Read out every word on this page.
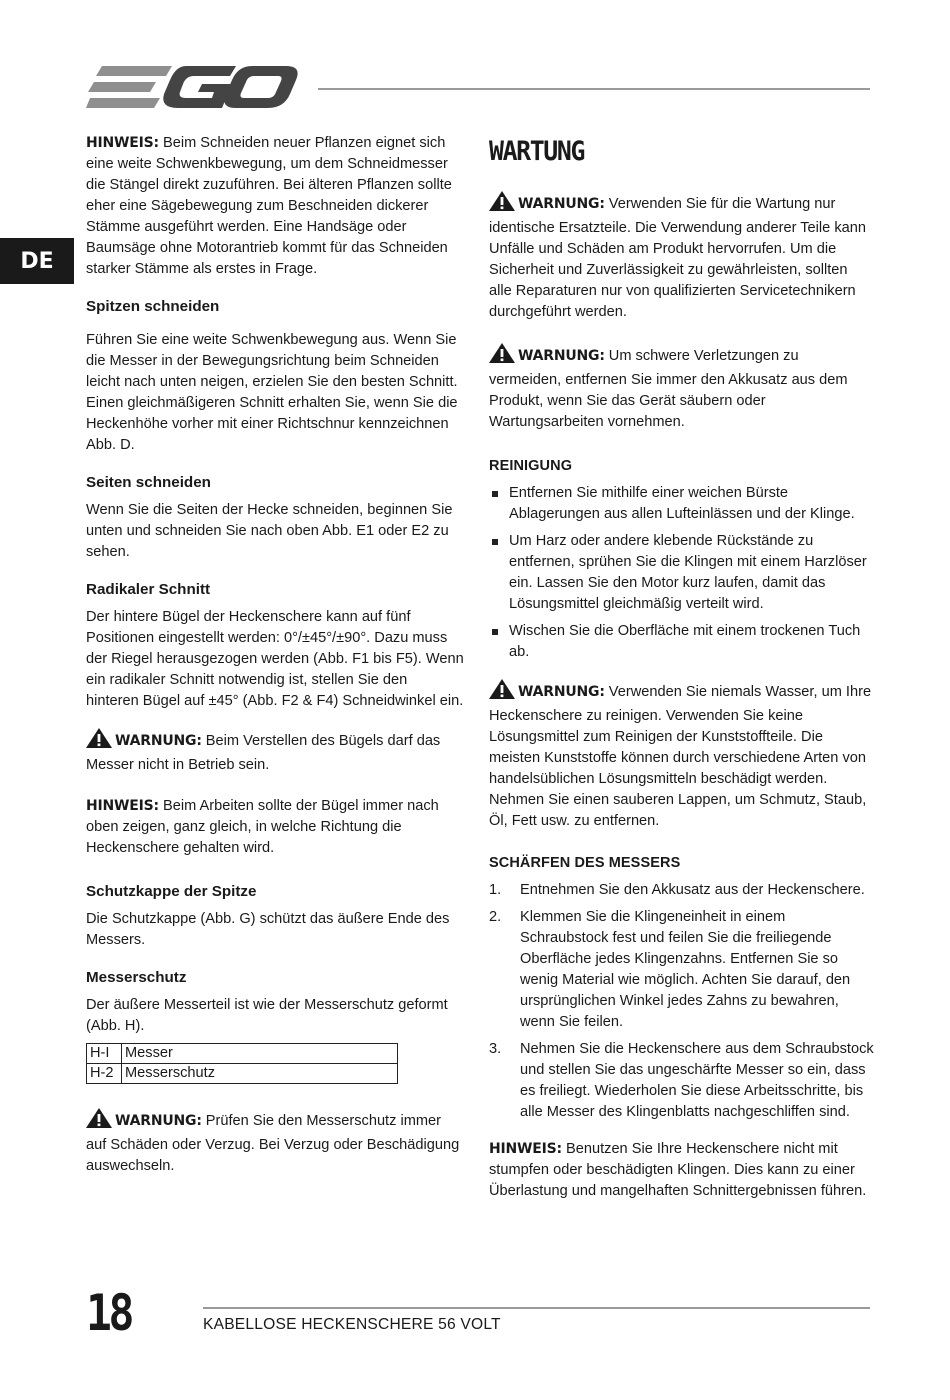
DE

HINWEIS: Beim Schneiden neuer Pflanzen eignet sich eine weite Schwenkbewegung, um dem Schneidmesser die Stängel direkt zuzuführen. Bei älteren Pflanzen sollte eher eine Sägebewegung zum Beschneiden dickerer Stämme ausgeführt werden. Eine Handsäge oder Baumsäge ohne Motorantrieb kommt für das Schneiden starker Stämme als erstes in Frage.

Spitzen schneiden

Führen Sie eine weite Schwenkbewegung aus. Wenn Sie die Messer in der Bewegungsrichtung beim Schneiden leicht nach unten neigen, erzielen Sie den besten Schnitt. Einen gleichmäßigeren Schnitt erhalten Sie, wenn Sie die Heckenhöhe vorher mit einer Richtschnur kennzeichnen Abb. D.

Seiten schneiden

Wenn Sie die Seiten der Hecke schneiden, beginnen Sie unten und schneiden Sie nach oben Abb. E1 oder E2 zu sehen.

Radikaler Schnitt

Der hintere Bügel der Heckenschere kann auf fünf Positionen eingestellt werden: 0°/±45°/±90°. Dazu muss der Riegel herausgezogen werden (Abb. F1 bis F5). Wenn ein radikaler Schnitt notwendig ist, stellen Sie den hinteren Bügel auf ±45° (Abb. F2 & F4) Schneidwinkel ein.

WARNUNG: Beim Verstellen des Bügels darf das Messer nicht in Betrieb sein.

HINWEIS: Beim Arbeiten sollte der Bügel immer nach oben zeigen, ganz gleich, in welche Richtung die Heckenschere gehalten wird.

Schutzkappe der Spitze

Die Schutzkappe (Abb. G) schützt das äußere Ende des Messers.

Messerschutz

Der äußere Messerteil ist wie der Messerschutz geformt (Abb. H).

H-I	Messer
H-2	Messerschutz

WARNUNG: Prüfen Sie den Messerschutz immer auf Schäden oder Verzug. Bei Verzug oder Beschädigung auswechseln.

WARTUNG

WARNUNG: Verwenden Sie für die Wartung nur identische Ersatzteile. Die Verwendung anderer Teile kann Unfälle und Schäden am Produkt hervorrufen. Um die Sicherheit und Zuverlässigkeit zu gewährleisten, sollten alle Reparaturen nur von qualifizierten Servicetechnikern durchgeführt werden.

WARNUNG: Um schwere Verletzungen zu vermeiden, entfernen Sie immer den Akkusatz aus dem Produkt, wenn Sie das Gerät säubern oder Wartungsarbeiten vornehmen.

REINIGUNG
Entfernen Sie mithilfe einer weichen Bürste Ablagerungen aus allen Lufteinlässen und der Klinge.
Um Harz oder andere klebende Rückstände zu entfernen, sprühen Sie die Klingen mit einem Harzlöser ein. Lassen Sie den Motor kurz laufen, damit das Lösungsmittel gleichmäßig verteilt wird.
Wischen Sie die Oberfläche mit einem trockenen Tuch ab.

WARNUNG: Verwenden Sie niemals Wasser, um Ihre Heckenschere zu reinigen. Verwenden Sie keine Lösungsmittel zum Reinigen der Kunststoffteile. Die meisten Kunststoffe können durch verschiedene Arten von handelsüblichen Lösungsmitteln beschädigt werden. Nehmen Sie einen sauberen Lappen, um Schmutz, Staub, Öl, Fett usw. zu entfernen.

SCHÄRFEN DES MESSERS
1. Entnehmen Sie den Akkusatz aus der Heckenschere.
2. Klemmen Sie die Klingeneinheit in einem Schraubstock fest und feilen Sie die freiliegende Oberfläche jedes Klingenzahns. Entfernen Sie so wenig Material wie möglich. Achten Sie darauf, den ursprünglichen Winkel jedes Zahns zu bewahren, wenn Sie feilen.
3. Nehmen Sie die Heckenschere aus dem Schraubstock und stellen Sie das ungeschärfte Messer so ein, dass es freiliegt. Wiederholen Sie diese Arbeitsschritte, bis alle Messer des Klingenblatts nachgeschliffen sind.

HINWEIS: Benutzen Sie Ihre Heckenschere nicht mit stumpfen oder beschädigten Klingen. Dies kann zu einer Überlastung und mangelhaften Schnittergebnissen führen.

18	KABELLOSE HECKENSCHERE 56 VOLT
